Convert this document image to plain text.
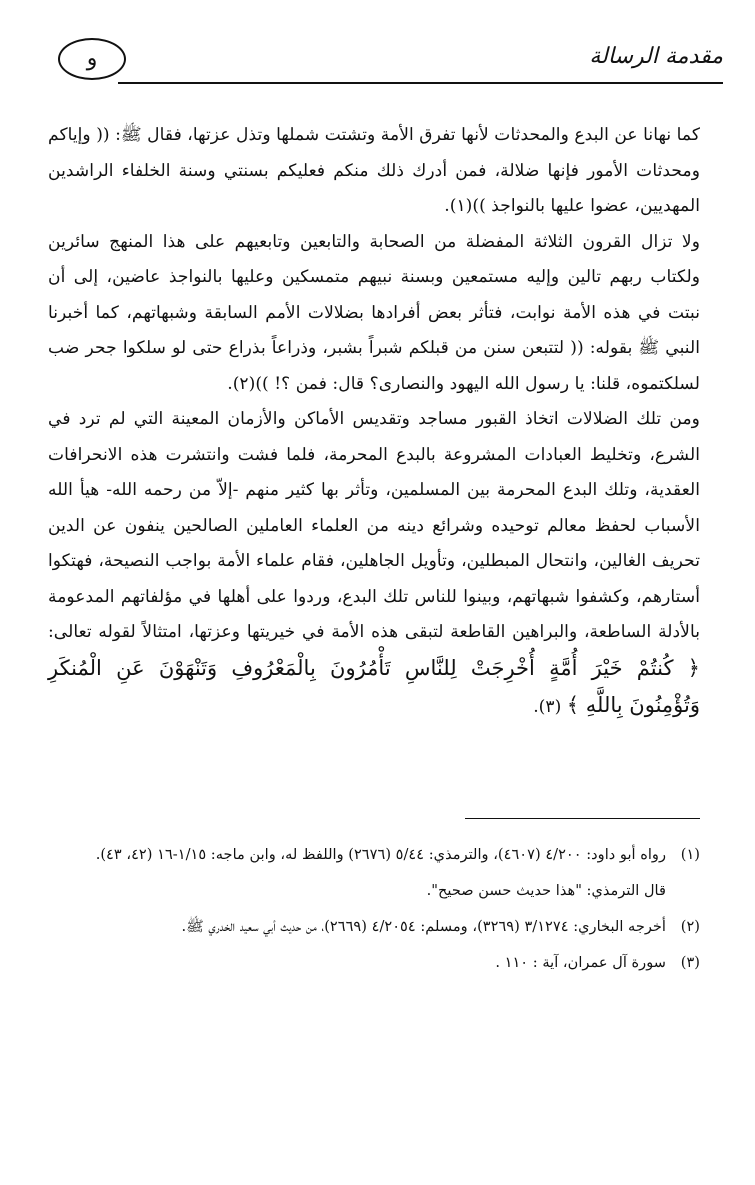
و	مقدمة الرسالة

كما نهانا عن البدع والمحدثات لأنها تفرق الأمة وتشتت شملها وتذل عزتها، فقال ﷺ: (( وإياكم ومحدثات الأمور فإنها ضلالة، فمن أدرك ذلك منكم فعليكم بسنتي وسنة الخلفاء الراشدين المهديين، عضوا عليها بالنواجذ ))(١).

ولا تزال القرون الثلاثة المفضلة من الصحابة والتابعين وتابعيهم على هذا المنهج سائرين ولكتاب ربهم تالين وإليه مستمعين وبسنة نبيهم متمسكين وعليها بالنواجذ عاضين، إلى أن نبتت في هذه الأمة نوابت، فتأثر بعض أفرادها بضلالات الأمم السابقة وشبهاتهم، كما أخبرنا النبي ﷺ بقوله: (( لتتبعن سنن من قبلكم شبراً بشبر، وذراعاً بذراع حتى لو سلكوا جحر ضب لسلكتموه، قلنا: يا رسول الله اليهود والنصارى؟ قال: فمن ؟! ))(٢).

ومن تلك الضلالات اتخاذ القبور مساجد وتقديس الأماكن والأزمان المعينة التي لم ترد في الشرع، وتخليط العبادات المشروعة بالبدع المحرمة، فلما فشت وانتشرت هذه الانحرافات العقدية، وتلك البدع المحرمة بين المسلمين، وتأثر بها كثير منهم -إلاّ من رحمه الله- هيأ الله الأسباب لحفظ معالم توحيده وشرائع دينه من العلماء العاملين الصالحين ينفون عن الدين تحريف الغالين، وانتحال المبطلين، وتأويل الجاهلين، فقام علماء الأمة بواجب النصيحة، فهتكوا أستارهم، وكشفوا شبهاتهم، وبينوا للناس تلك البدع، وردوا على أهلها في مؤلفاتهم المدعومة بالأدلة الساطعة، والبراهين القاطعة لتبقى هذه الأمة في خيريتها وعزتها، امتثالاً لقوله تعالى: ﴿ كُنتُمْ خَيْرَ أُمَّةٍ أُخْرِجَتْ لِلنَّاسِ تَأْمُرُونَ بِالْمَعْرُوفِ وَتَنْهَوْنَ عَنِ الْمُنكَرِ وَتُؤْمِنُونَ بِاللَّهِ ﴾ (٣).

(١)
رواه أبو داود: ٤/٢٠٠ (٤٦٠٧)، والترمذي: ٥/٤٤ (٢٦٧٦) واللفظ له، وابن ماجه: ١/١٥-١٦ (٤٢، ٤٣).

قال الترمذي: "هذا حديث حسن صحيح".

(٢)
أخرجه البخاري: ٣/١٢٧٤ (٣٢٦٩)، ومسلم: ٤/٢٠٥٤ (٢٦٦٩)، من حديث أبي سعيد الخدري ﷺ.
(٣)
سورة آل عمران، آية : ١١٠ .
